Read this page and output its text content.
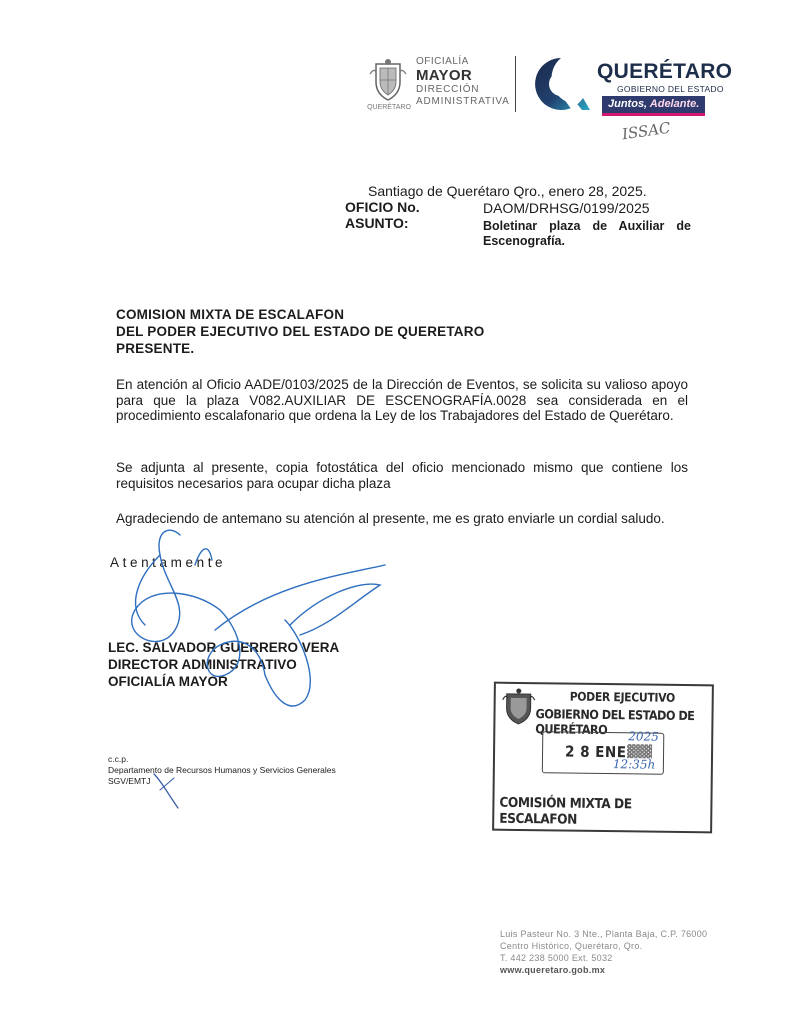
QUERÉTARO
OFICIALÍA
MAYOR
DIRECCIÓN
ADMINISTRATIVA
QUERÉTARO
GOBIERNO DEL ESTADO
Juntos, Adelante.
ISSAC
Santiago de Querétaro Qro., enero 28, 2025.
OFICIO No.	DAOM/DRHSG/0199/2025
ASUNTO:	Boletinar plaza de Auxiliar de Escenografía.
COMISION MIXTA DE ESCALAFON
DEL PODER EJECUTIVO DEL ESTADO DE QUERETARO
PRESENTE.
En atención al Oficio AADE/0103/2025 de la Dirección de Eventos, se solicita su valioso apoyo para que la plaza V082.AUXILIAR DE ESCENOGRAFÍA.0028 sea considerada en el procedimiento escalafonario que ordena la Ley de los Trabajadores del Estado de Querétaro.
Se adjunta al presente, copia fotostática del oficio mencionado mismo que contiene los requisitos necesarios para ocupar dicha plaza
Agradeciendo de antemano su atención al presente, me es grato enviarle un cordial saludo.
Atentamente
LEC. SALVADOR GUERRERO VERA
DIRECTOR ADMINISTRATIVO
OFICIALÍA MAYOR
c.c.p.
Departamento de Recursos Humanos y Servicios Generales
SGV/EMTJ
PODER EJECUTIVO
GOBIERNO DEL ESTADO DE QUERÉTARO
2 8 ENE.
▓▓▓
2025
12:35h
COMISIÓN MIXTA DE ESCALAFON
Luis Pasteur No. 3 Nte., Planta Baja, C.P. 76000
Centro Histórico, Querétaro, Qro.
T. 442 238 5000 Ext. 5032
www.queretaro.gob.mx
